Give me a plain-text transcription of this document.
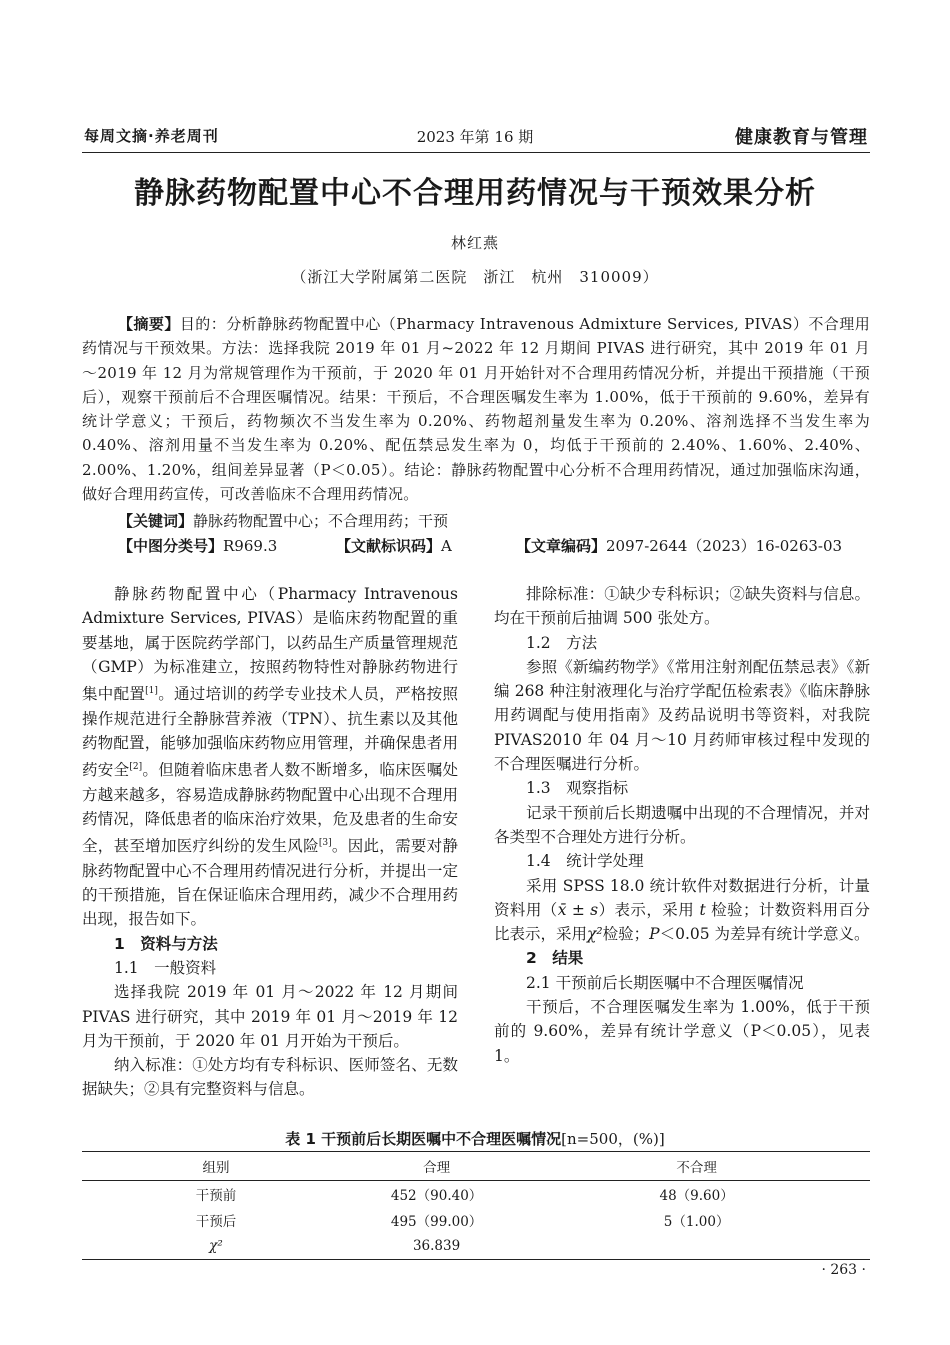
每周文摘·养老周刊	2023 年第 16 期	健康教育与管理
静脉药物配置中心不合理用药情况与干预效果分析
林红燕
（浙江大学附属第二医院　浙江　杭州　310009）

【摘要】目的：分析静脉药物配置中心（Pharmacy Intravenous Admixture Services, PIVAS）不合理用药情况与干预效果。方法：选择我院 2019 年 01 月~2022 年 12 月期间 PIVAS 进行研究，其中 2019 年 01 月～2019 年 12 月为常规管理作为干预前，于 2020 年 01 月开始针对不合理用药情况分析，并提出干预措施（干预后），观察干预前后不合理医嘱情况。结果：干预后，不合理医嘱发生率为 1.00%，低于干预前的 9.60%，差异有统计学意义；干预后，药物频次不当发生率为 0.20%、药物超剂量发生率为 0.20%、溶剂选择不当发生率为 0.40%、溶剂用量不当发生率为 0.20%、配伍禁忌发生率为 0，均低于干预前的 2.40%、1.60%、2.40%、2.00%、1.20%，组间差异显著（P＜0.05）。结论：静脉药物配置中心分析不合理用药情况，通过加强临床沟通，做好合理用药宣传，可改善临床不合理用药情况。

【关键词】静脉药物配置中心；不合理用药；干预
【中图分类号】R969.3	【文献标识码】A	【文章编码】2097-2644（2023）16-0263-03

静脉药物配置中心（Pharmacy Intravenous Admixture Services, PIVAS）是临床药物配置的重要基地，属于医院药学部门，以药品生产质量管理规范（GMP）为标准建立，按照药物特性对静脉药物进行集中配置[1]。通过培训的药学专业技术人员，严格按照操作规范进行全静脉营养液（TPN）、抗生素以及其他药物配置，能够加强临床药物应用管理，并确保患者用药安全[2]。但随着临床患者人数不断增多，临床医嘱处方越来越多，容易造成静脉药物配置中心出现不合理用药情况，降低患者的临床治疗效果，危及患者的生命安全，甚至增加医疗纠纷的发生风险[3]。因此，需要对静脉药物配置中心不合理用药情况进行分析，并提出一定的干预措施，旨在保证临床合理用药，减少不合理用药出现，报告如下。

1　资料与方法

1.1　一般资料

选择我院 2019 年 01 月～2022 年 12 月期间 PIVAS 进行研究，其中 2019 年 01 月～2019 年 12 月为干预前，于 2020 年 01 月开始为干预后。

纳入标准：①处方均有专科标识、医师签名、无数据缺失；②具有完整资料与信息。

排除标准：①缺少专科标识；②缺失资料与信息。均在干预前后抽调 500 张处方。

1.2　方法

参照《新编药物学》《常用注射剂配伍禁忌表》《新编 268 种注射液理化与治疗学配伍检索表》《临床静脉用药调配与使用指南》及药品说明书等资料，对我院 PIVAS2010 年 04 月～10 月药师审核过程中发现的不合理医嘱进行分析。

1.3　观察指标

记录干预前后长期遗嘱中出现的不合理情况，并对各类型不合理处方进行分析。

1.4　统计学处理

采用 SPSS 18.0 统计软件对数据进行分析，计量资料用（x̄ ± s）表示，采用 t 检验；计数资料用百分比表示，采用χ²检验；P＜0.05 为差异有统计学意义。

2　结果

2.1 干预前后长期医嘱中不合理医嘱情况

干预后，不合理医嘱发生率为 1.00%，低于干预前的 9.60%，差异有统计学意义（P＜0.05），见表 1。

表 1 干预前后长期医嘱中不合理医嘱情况[n=500，(%)]
组别	合理	不合理
干预前	452（90.40）	48（9.60）
干预后	495（99.00）	5（1.00）
χ²	36.839	
· 263 ·
